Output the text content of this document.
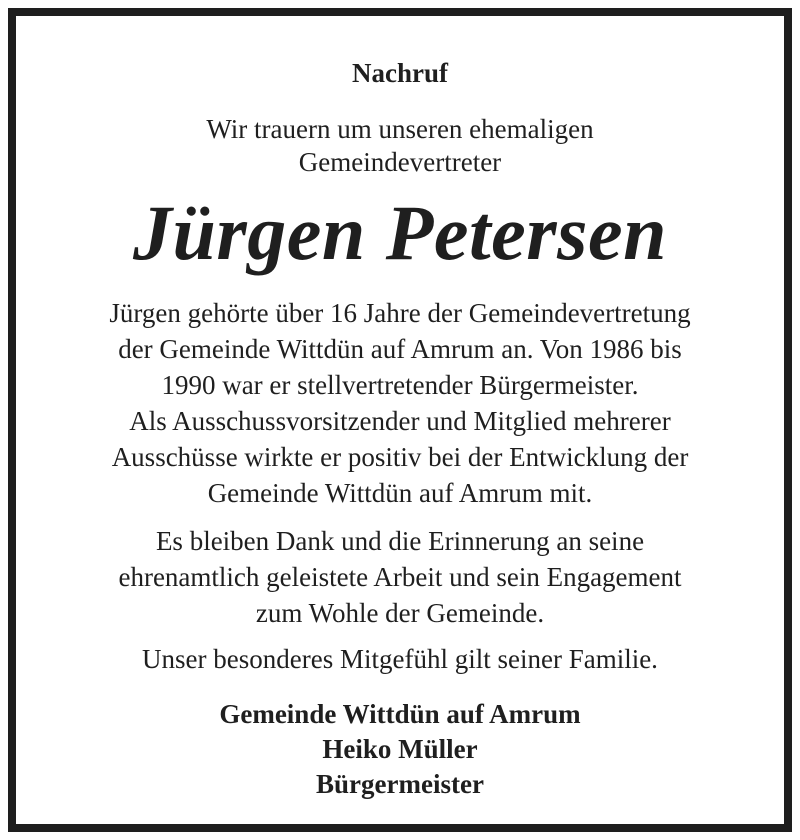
Nachruf
Wir trauern um unseren ehemaligen
Gemeindevertreter
Jürgen Petersen
Jürgen gehörte über 16 Jahre der Gemeindevertretung
der Gemeinde Wittdün auf Amrum an. Von 1986 bis
1990 war er stellvertretender Bürgermeister.
Als Ausschussvorsitzender und Mitglied mehrerer
Ausschüsse wirkte er positiv bei der Entwicklung der
Gemeinde Wittdün auf Amrum mit.
Es bleiben Dank und die Erinnerung an seine
ehrenamtlich geleistete Arbeit und sein Engagement
zum Wohle der Gemeinde.
Unser besonderes Mitgefühl gilt seiner Familie.
Gemeinde Wittdün auf Amrum
Heiko Müller
Bürgermeister
